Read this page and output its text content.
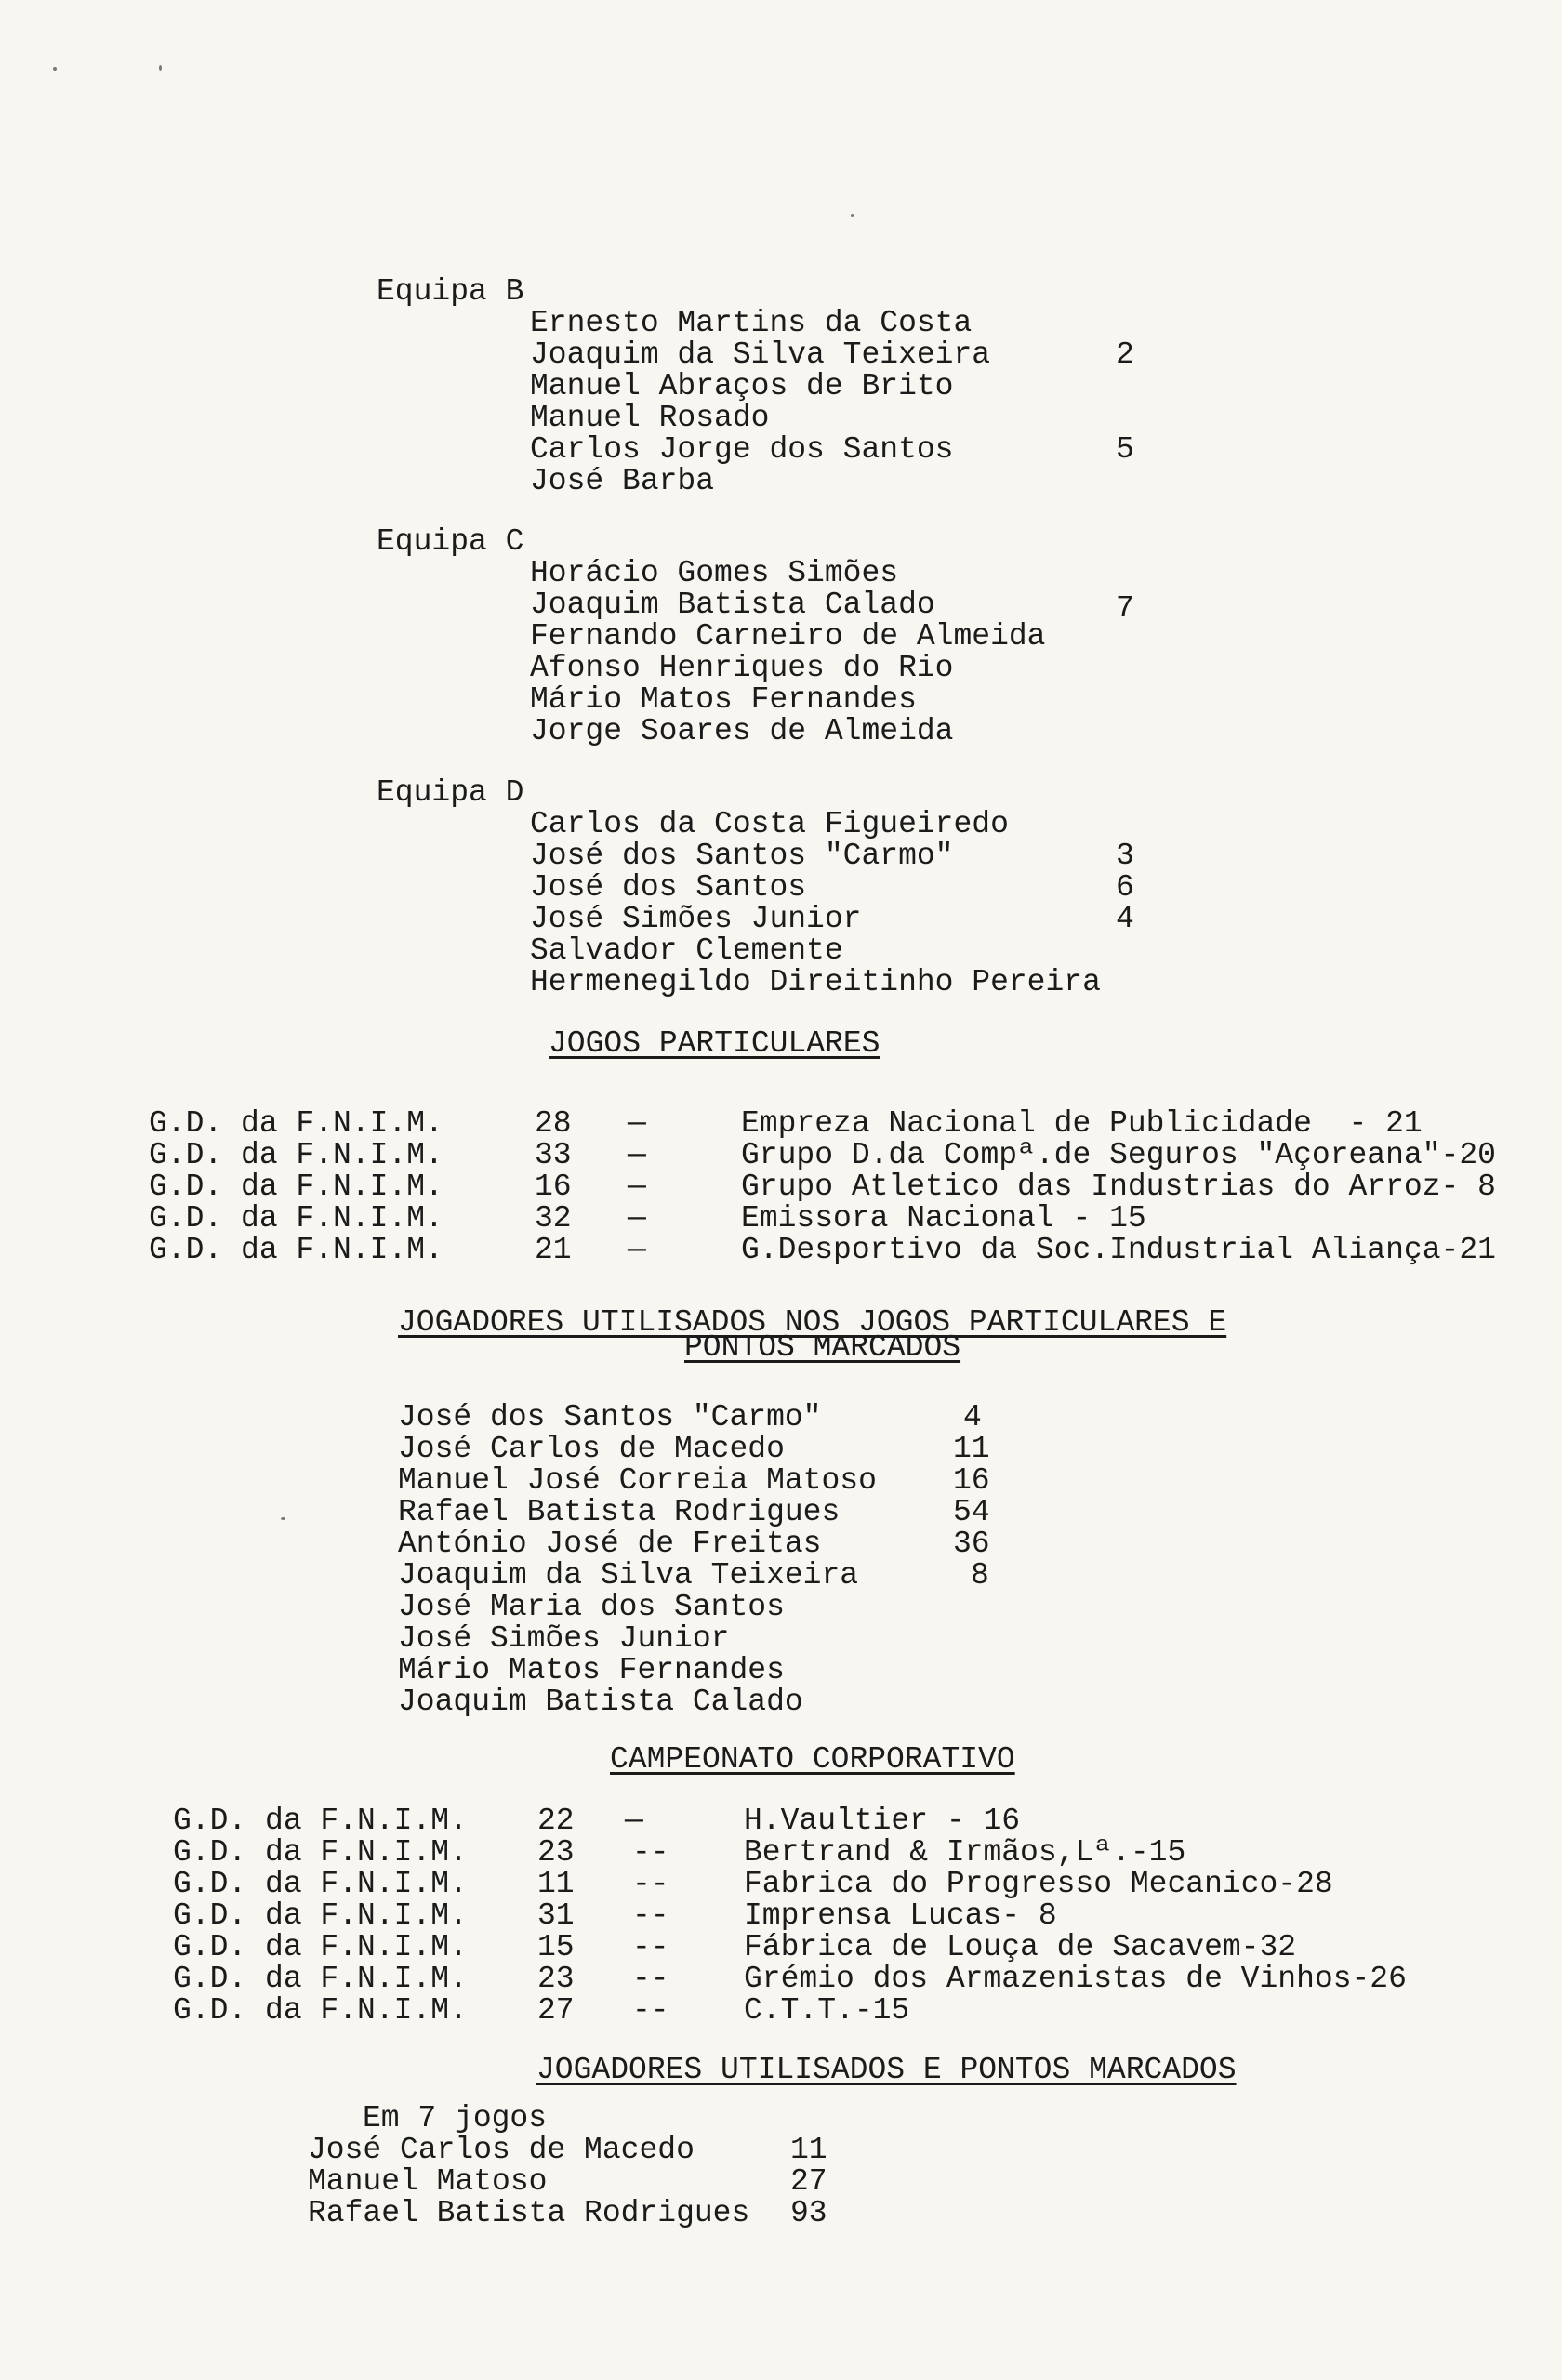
Equipa B
Ernesto Martins da Costa
Joaquim da Silva Teixeira	2
Manuel Abraços de Brito
Manuel Rosado
Carlos Jorge dos Santos	5
José Barba
Equipa C
Horácio Gomes Simões
Joaquim Batista Calado	7
Fernando Carneiro de Almeida
Afonso Henriques do Rio
Mário Matos Fernandes
Jorge Soares de Almeida
Equipa D
Carlos da Costa Figueiredo
José dos Santos "Carmo"	3
José dos Santos	6
José Simões Junior	4
Salvador Clemente
Hermenegildo Direitinho Pereira
JOGOS PARTICULARES
G.D. da F.N.I.M.	28 —	Empreza Nacional de Publicidade  - 21
G.D. da F.N.I.M.	33 —	Grupo D.da Compª.de Seguros "Açoreana"-20
G.D. da F.N.I.M.	16 —	Grupo Atletico das Industrias do Arroz- 8
G.D. da F.N.I.M.	32 —	Emissora Nacional - 15
G.D. da F.N.I.M.	21 —	G.Desportivo da Soc.Industrial Aliança-21
JOGADORES UTILISADOS NOS JOGOS PARTICULARES E
PONTOS MARCADOS
José dos Santos "Carmo"	4
José Carlos de Macedo	11
Manuel José Correia Matoso 16
Rafael Batista Rodrigues	54
António José de Freitas	36
Joaquim da Silva Teixeira	8
José Maria dos Santos
José Simões Junior
Mário Matos Fernandes
Joaquim Batista Calado
CAMPEONATO CORPORATIVO
G.D. da F.N.I.M. 22 —	H.Vaultier - 16
G.D. da F.N.I.M. 23 -- Bertrand & Irmãos,Lª.-15
G.D. da F.N.I.M. 11 -- Fabrica do Progresso Mecanico-28
G.D. da F.N.I.M. 31 -- Imprensa Lucas- 8
G.D. da F.N.I.M. 15 -- Fábrica de Louça de Sacavem-32
G.D. da F.N.I.M. 23 -- Grémio dos Armazenistas de Vinhos-26
G.D. da F.N.I.M. 27 -- C.T.T.-15
JOGADORES UTILISADOS E PONTOS MARCADOS
Em 7 jogos
José Carlos de Macedo	11
Manuel Matoso	27
Rafael Batista Rodrigues 93
